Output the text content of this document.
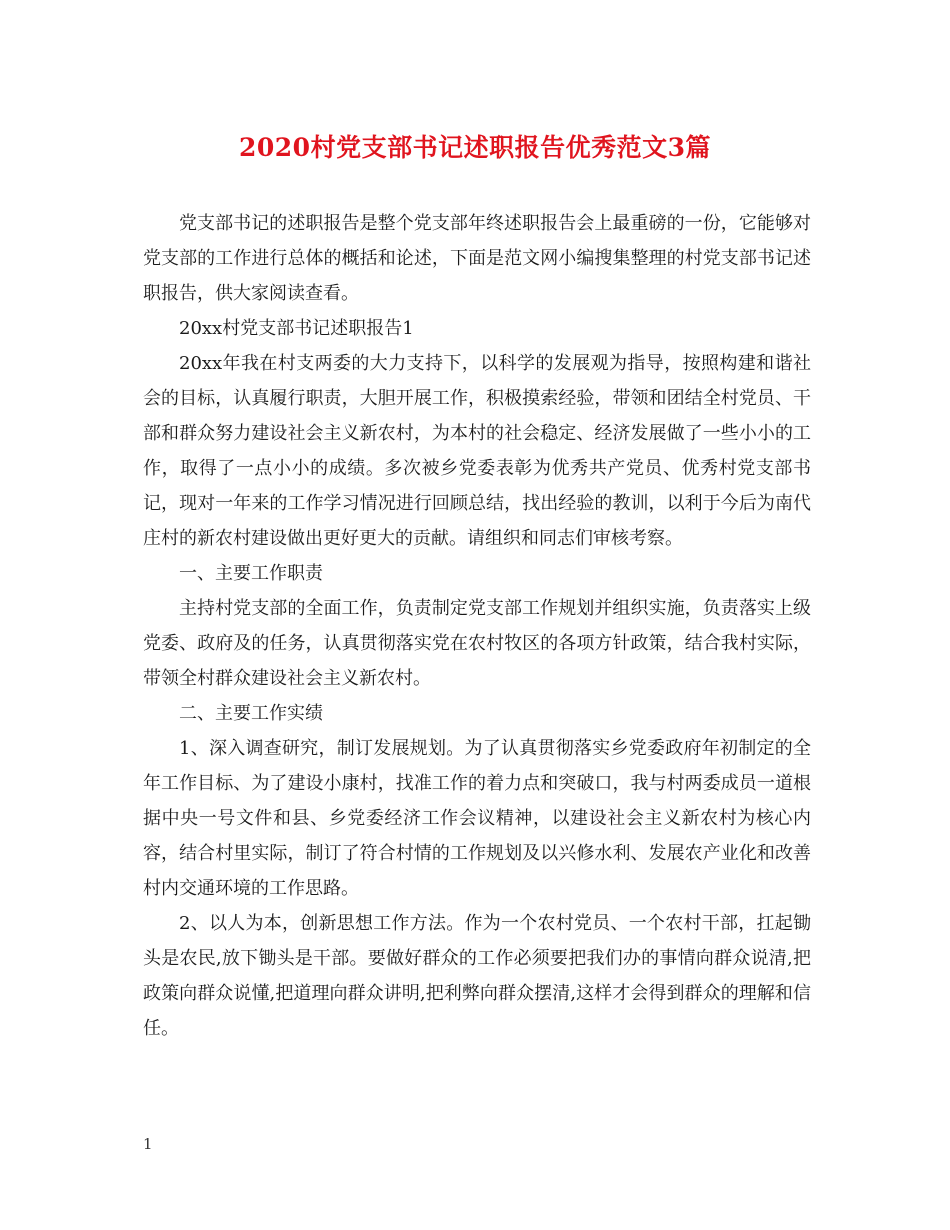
2020村党支部书记述职报告优秀范文3篇

党支部书记的述职报告是整个党支部年终述职报告会上最重磅的一份，它能够对党支部的工作进行总体的概括和论述，下面是范文网小编搜集整理的村党支部书记述职报告，供大家阅读查看。

20xx村党支部书记述职报告1

20xx年我在村支两委的大力支持下，以科学的发展观为指导，按照构建和谐社会的目标，认真履行职责，大胆开展工作，积极摸索经验，带领和团结全村党员、干部和群众努力建设社会主义新农村，为本村的社会稳定、经济发展做了一些小小的工作，取得了一点小小的成绩。多次被乡党委表彰为优秀共产党员、优秀村党支部书记，现对一年来的工作学习情况进行回顾总结，找出经验的教训，以利于今后为南代庄村的新农村建设做出更好更大的贡献。请组织和同志们审核考察。

一、主要工作职责

主持村党支部的全面工作，负责制定党支部工作规划并组织实施，负责落实上级党委、政府及的任务，认真贯彻落实党在农村牧区的各项方针政策，结合我村实际，带领全村群众建设社会主义新农村。

二、主要工作实绩

1、深入调查研究，制订发展规划。为了认真贯彻落实乡党委政府年初制定的全年工作目标、为了建设小康村，找准工作的着力点和突破口，我与村两委成员一道根据中央一号文件和县、乡党委经济工作会议精神，以建设社会主义新农村为核心内容，结合村里实际，制订了符合村情的工作规划及以兴修水利、发展农产业化和改善村内交通环境的工作思路。

2、以人为本，创新思想工作方法。作为一个农村党员、一个农村干部，扛起锄头是农民,放下锄头是干部。要做好群众的工作必须要把我们办的事情向群众说清,把政策向群众说懂,把道理向群众讲明,把利弊向群众摆清,这样才会得到群众的理解和信任。

1
